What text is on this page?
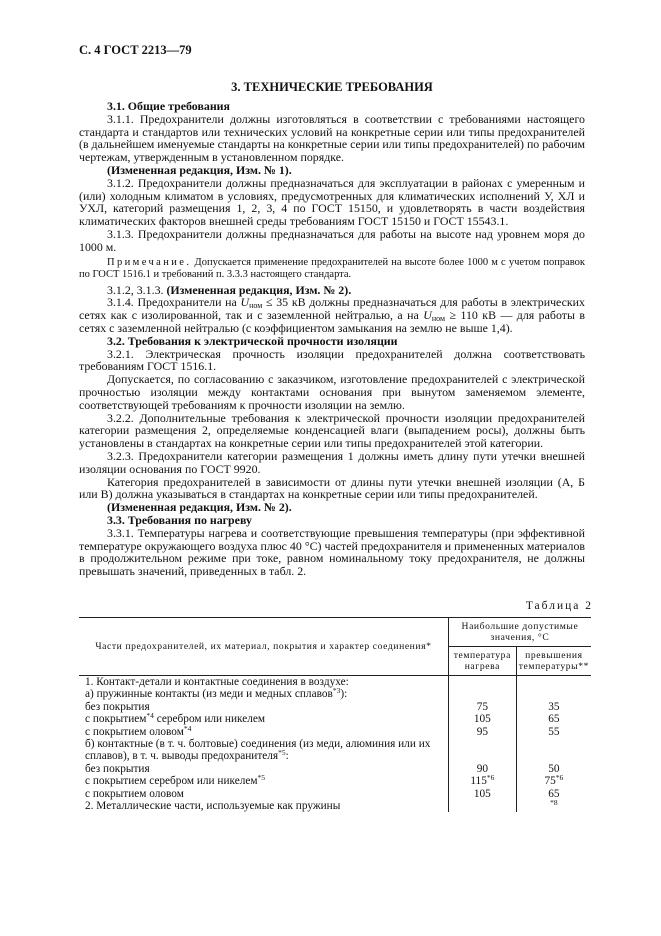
С. 4 ГОСТ 2213—79
3. ТЕХНИЧЕСКИЕ ТРЕБОВАНИЯ

3.1. Общие требования

3.1.1. Предохранители должны изготовляться в соответствии с требованиями настоящего стандарта и стандартов или технических условий на конкретные серии или типы предохранителей (в дальнейшем именуемые стандарты на конкретные серии или типы предохранителей) по рабочим чертежам, утвержденным в установленном порядке.

(Измененная редакция, Изм. № 1).

3.1.2. Предохранители должны предназначаться для эксплуатации в районах с умеренным и (или) холодным климатом в условиях, предусмотренных для климатических исполнений У, ХЛ и УХЛ, категорий размещения 1, 2, 3, 4 по ГОСТ 15150, и удовлетворять в части воздействия климатических факторов внешней среды требованиям ГОСТ 15150 и ГОСТ 15543.1.

3.1.3. Предохранители должны предназначаться для работы на высоте над уровнем моря до 1000 м.

Примечание. Допускается применение предохранителей на высоте более 1000 м с учетом поправок по ГОСТ 1516.1 и требований п. 3.3.3 настоящего стандарта.

3.1.2, 3.1.3. (Измененная редакция, Изм. № 2).

3.1.4. Предохранители на $U_{ном} \le 35$ кВ должны предназначаться для работы в электрических сетях как с изолированной, так и с заземленной нейтралью, а на $U_{ном} \ge 110$ кВ — для работы в сетях с заземленной нейтралью (с коэффициентом замыкания на землю не выше 1,4).

3.2. Требования к электрической прочности изоляции

3.2.1. Электрическая прочность изоляции предохранителей должна соответствовать требованиям ГОСТ 1516.1.

Допускается, по согласованию с заказчиком, изготовление предохранителей с электрической прочностью изоляции между контактами основания при вынутом заменяемом элементе, соответствующей требованиям к прочности изоляции на землю.

3.2.2. Дополнительные требования к электрической прочности изоляции предохранителей категории размещения 2, определяемые конденсацией влаги (выпадением росы), должны быть установлены в стандартах на конкретные серии или типы предохранителей этой категории.

3.2.3. Предохранители категории размещения 1 должны иметь длину пути утечки внешней изоляции основания по ГОСТ 9920.

Категория предохранителей в зависимости от длины пути утечки внешней изоляции (А, Б или В) должна указываться в стандартах на конкретные серии или типы предохранителей.

(Измененная редакция, Изм. № 2).

3.3. Требования по нагреву

3.3.1. Температуры нагрева и соответствующие превышения температуры (при эффективной температуре окружающего воздуха плюс 40 °С) частей предохранителя и примененных материалов в продолжительном режиме при токе, равном номинальному току предохранителя, не должны превышать значений, приведенных в табл. 2.

Таблица 2
Части предохранителей, их материал, покрытия и характер соединения*	Наибольшие допустимые значения, °С	
	температура нагрева	превышения температуры**
1. Контакт-детали и контактные соединения в воздухе:		
а) пружинные контакты (из меди и медных сплавов$^{*3}$):		
без покрытия	75	35
с покрытием$^{*4}$ серебром или никелем	105	65
с покрытием оловом$^{*4}$	95	55
б) контактные (в т. ч. болтовые) соединения (из меди, алюминия или их сплавов), в т. ч. выводы предохранителя$^{*5}$:		
без покрытия	90	50
с покрытием серебром или никелем$^{*5}$	115$^{*6}$	75$^{*6}$
с покрытием оловом	105	65
2. Металлические части, используемые как пружины		$^{*8}$
